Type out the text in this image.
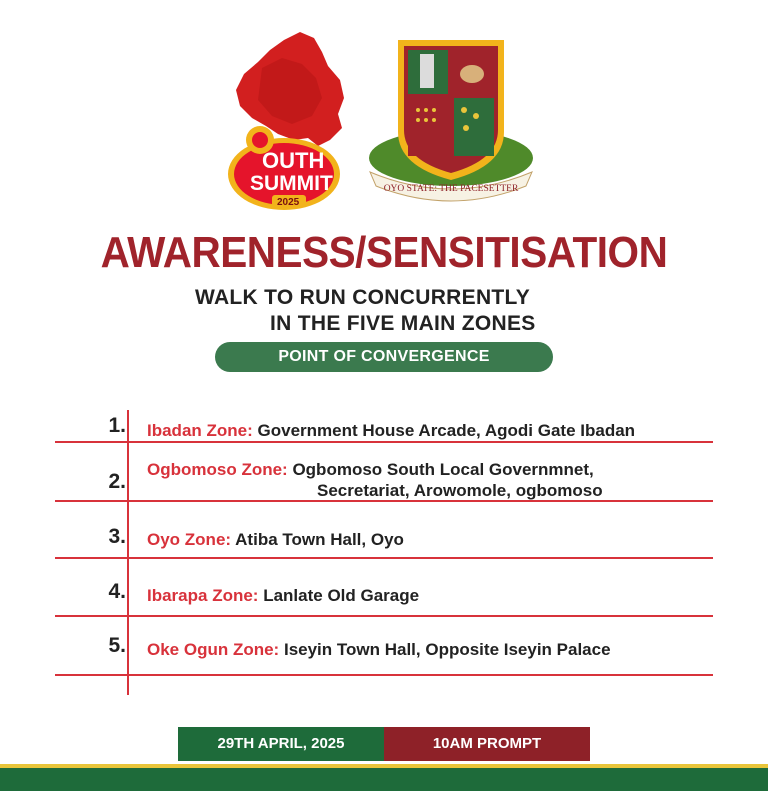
OUTH
SUMMIT
2025
OYO STATE: THE PACESETTER
AWARENESS/SENSITISATION
WALK TO RUN CONCURRENTLY
IN THE FIVE MAIN ZONES
POINT OF CONVERGENCE
1. Ibadan Zone: Government House Arcade, Agodi Gate Ibadan
2.
Ogbomoso Zone: Ogbomoso South Local Governmnet,
Secretariat, Arowomole, ogbomoso
3. Oyo Zone: Atiba Town Hall, Oyo
4. Ibarapa Zone: Lanlate Old Garage
5. Oke Ogun Zone: Iseyin Town Hall, Opposite Iseyin Palace
29TH APRIL, 2025	10AM PROMPT
